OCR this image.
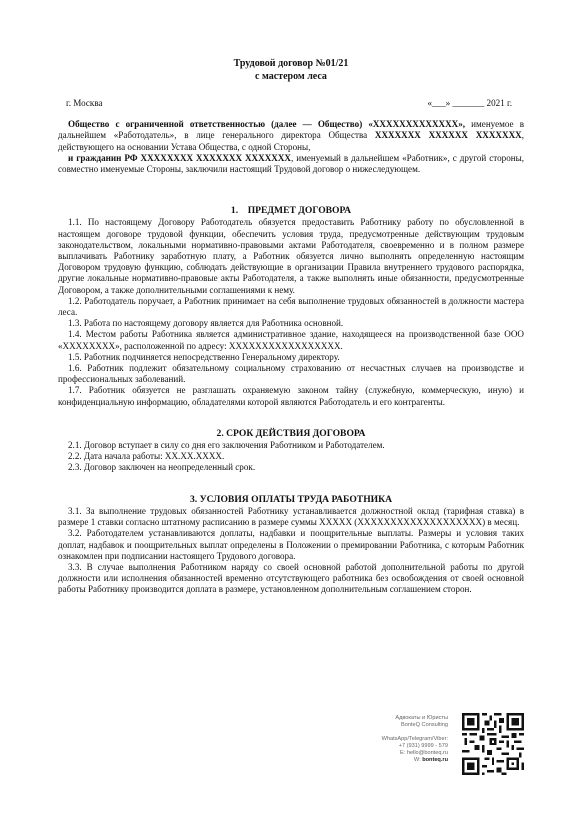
Трудовой договор №01/21
с мастером леса
г. Москва	«___» _______ 2021 г.

Общество с ограниченной ответственностью (далее — Общество) «XXXXXXXXXXXXX», именуемое в дальнейшем «Работодатель», в лице генерального директора Общества XXXXXXX XXXXXX XXXXXXX, действующего на основании Устава Общества, с одной Стороны,

и гражданин РФ XXXXXXXX XXXXXXX XXXXXXX, именуемый в дальнейшем «Работник», с другой стороны, совместно именуемые Стороны, заключили настоящий Трудовой договор о нижеследующем.

1.    ПРЕДМЕТ ДОГОВОРА

1.1. По настоящему Договору Работодатель обязуется предоставить Работнику работу по обусловленной в настоящем договоре трудовой функции, обеспечить условия труда, предусмотренные действующим трудовым законодательством, локальными нормативно-правовыми актами Работодателя, своевременно и в полном размере выплачивать Работнику заработную плату, а Работник обязуется лично выполнять определенную настоящим Договором трудовую функцию, соблюдать действующие в организации Правила внутреннего трудового распорядка, другие локальные нормативно-правовые акты Работодателя, а также выполнять иные обязанности, предусмотренные Договором, а также дополнительными соглашениями к нему.

1.2. Работодатель поручает, а Работник принимает на себя выполнение трудовых обязанностей в должности мастера леса.

1.3. Работа по настоящему договору является для Работника основной.

1.4. Местом работы Работника является административное здание, находящееся на производственной базе ООО «XXXXXXXX», расположенной по адресу: XXXXXXXXXXXXXXXXX.

1.5. Работник подчиняется непосредственно Генеральному директору.

1.6. Работник подлежит обязательному социальному страхованию от несчастных случаев на производстве и профессиональных заболеваний.

1.7. Работник обязуется не разглашать охраняемую законом тайну (служебную, коммерческую, иную) и конфиденциальную информацию, обладателями которой являются Работодатель и его контрагенты.

2. СРОК ДЕЙСТВИЯ ДОГОВОРА

2.1. Договор вступает в силу со дня его заключения Работником и Работодателем.

2.2. Дата начала работы: XX.XX.XXXX.

2.3. Договор заключен на неопределенный срок.

3. УСЛОВИЯ ОПЛАТЫ ТРУДА РАБОТНИКА

3.1. За выполнение трудовых обязанностей Работнику устанавливается должностной оклад (тарифная ставка) в размере 1 ставки согласно штатному расписанию в размере суммы XXXXX (XXXXXXXXXXXXXXXXXXX) в месяц.

3.2. Работодателем устанавливаются доплаты, надбавки и поощрительные выплаты. Размеры и условия таких доплат, надбавок и поощрительных выплат определены в Положении о премировании Работника, с которым Работник ознакомлен при подписании настоящего Трудового договора.

3.3. В случае выполнения Работником наряду со своей основной работой дополнительной работы по другой должности или исполнения обязанностей временно отсутствующего работника без освобождения от своей основной работы Работнику производится доплата в размере, установленном дополнительным соглашением сторон.

Адвокаты и Юристы
BonteQ Consulting
WhatsApp/Telegram/Viber:
+7 (931) 9999 - 579
E: hello@bonteq.ru
W: bonteq.ru
